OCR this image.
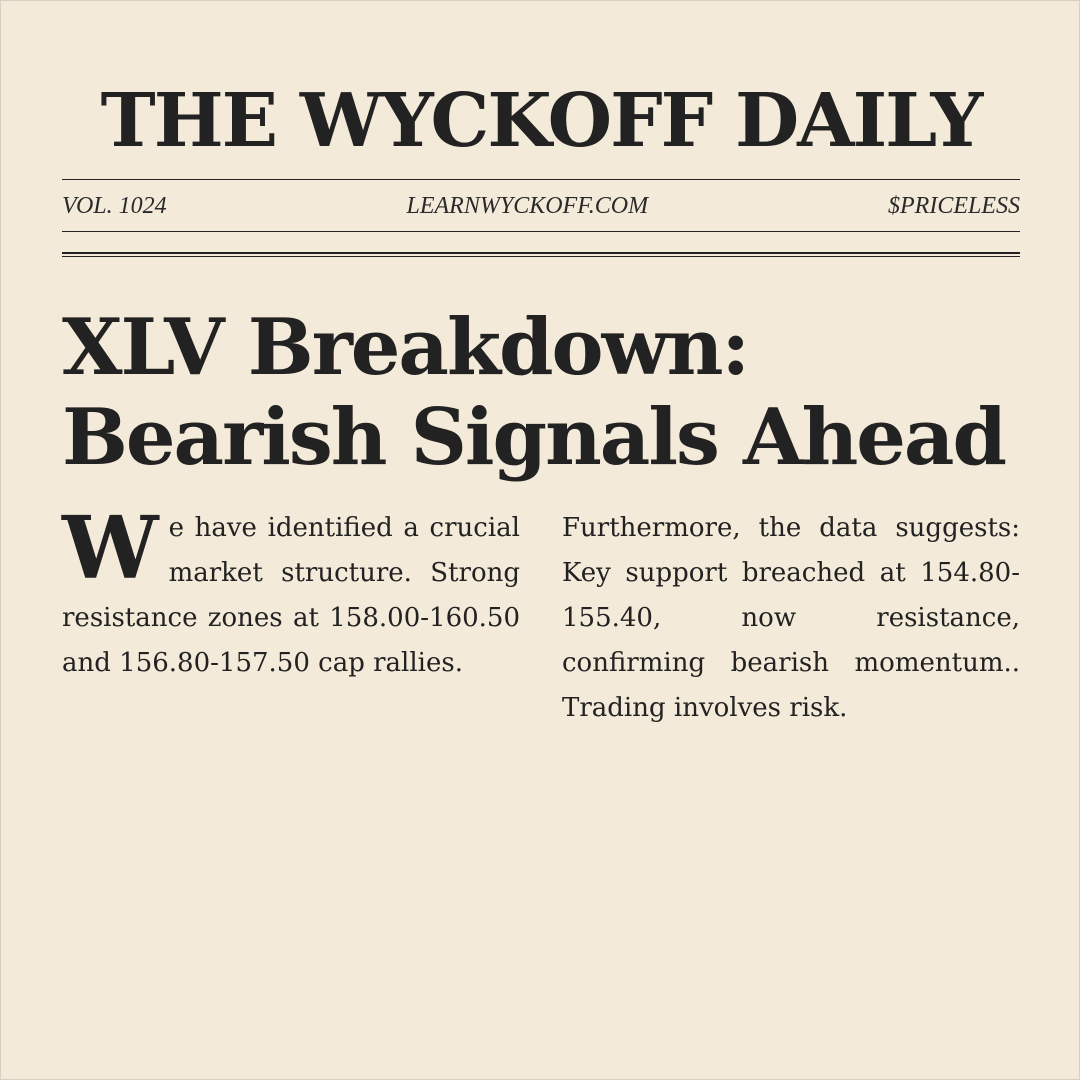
THE WYCKOFF DAILY
VOL. 1024	LEARNWYCKOFF.COM	$PRICELESS
XLV Breakdown:
Bearish Signals Ahead

We have identified a crucial market structure. Strong resistance zones at 158.00-160.50 and 156.80-157.50 cap rallies.

Furthermore, the data suggests: Key support breached at 154.80-155.40, now resistance, confirming bearish momentum.. Trading involves risk.
